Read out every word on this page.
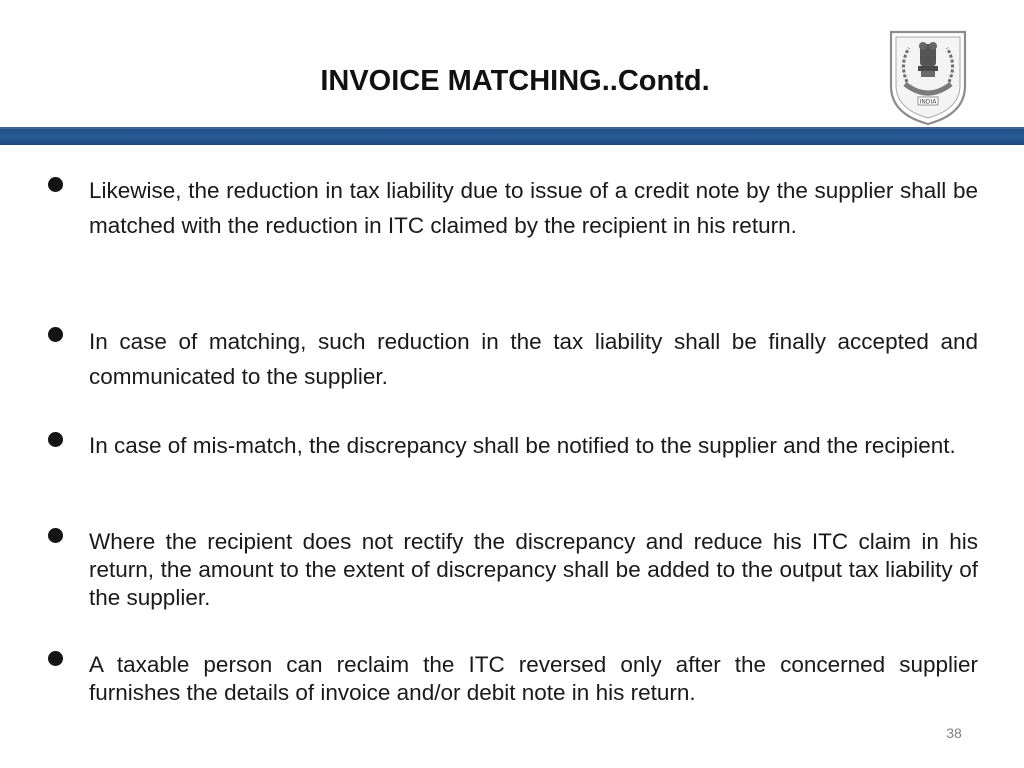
INVOICE MATCHING..Contd.
INDIA

Likewise, the reduction in tax liability due to issue of a credit note by the supplier shall be matched with the reduction in ITC claimed by the recipient in his return.

In case of matching, such reduction in the tax liability shall be finally accepted and communicated to the supplier.

In case of mis-match, the discrepancy shall be notified to the supplier and the recipient.

Where the recipient does not rectify the discrepancy and reduce his ITC claim in his return, the amount to the extent of discrepancy shall be added to the output tax liability of the supplier.

A taxable person can reclaim the ITC reversed only after the concerned supplier furnishes the details of invoice and/or debit note in his return.

38
